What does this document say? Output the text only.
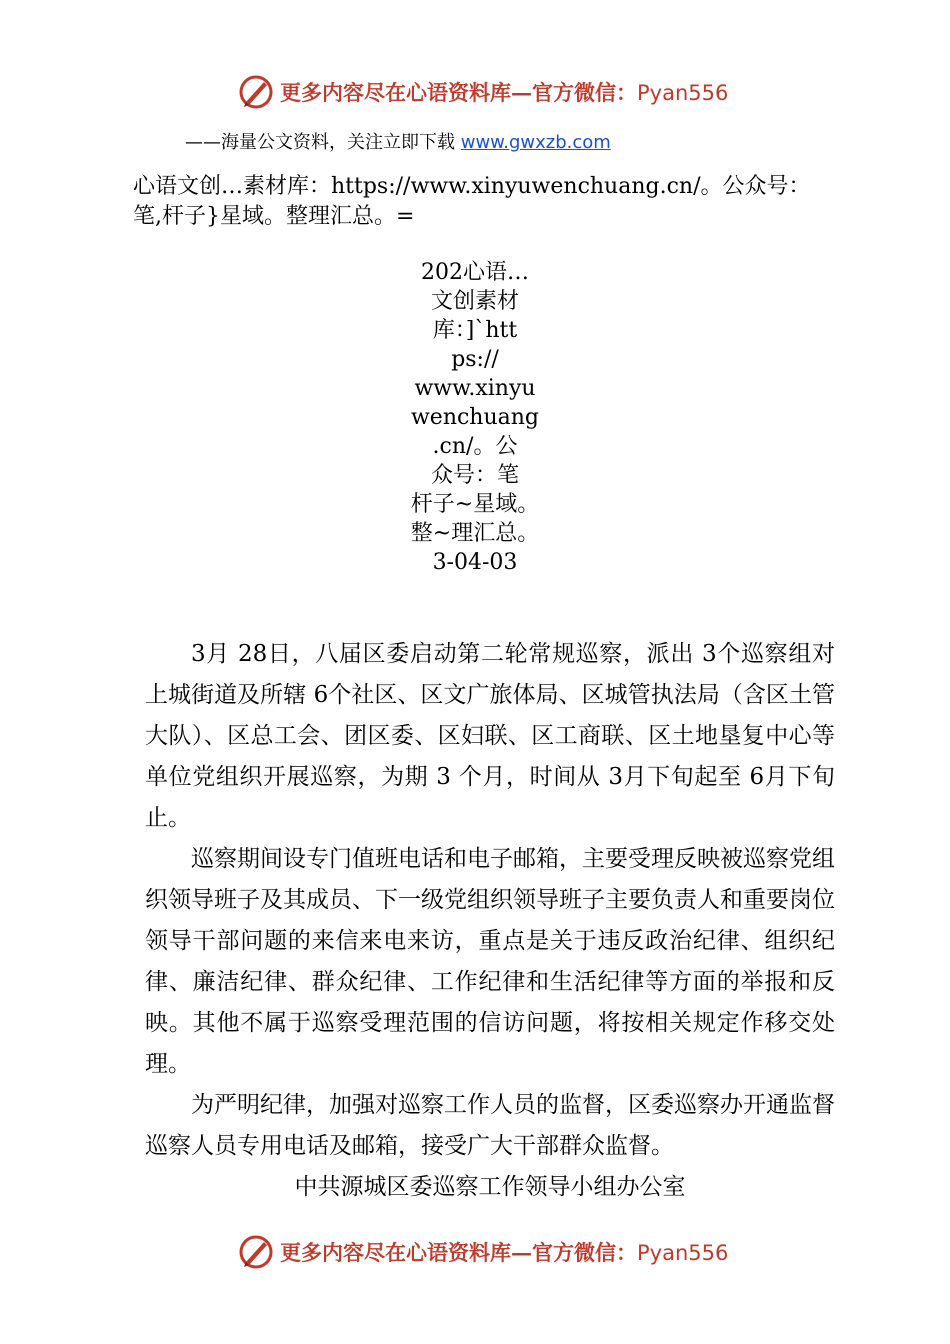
更多内容尽在心语资料库—官方微信：Pyan556
——海量公文资料，关注立即下载 www.gwxzb.com

心语文创…素材库：https://www.xinyuwenchuang.cn/。公众号：笔,杆子}星域。整理汇总。=

202心语…
文创素材
库：]`htt
ps://
www.xinyu
wenchuang
.cn/。公
众号：笔
杆子~星域。
整~理汇总。
3-04-03

3月 28日，八届区委启动第二轮常规巡察，派出 3个巡察组对上城街道及所辖 6个社区、区文广旅体局、区城管执法局（含区土管大队）、区总工会、团区委、区妇联、区工商联、区土地垦复中心等单位党组织开展巡察，为期 3 个月，时间从 3月下旬起至 6月下旬止。

巡察期间设专门值班电话和电子邮箱，主要受理反映被巡察党组织领导班子及其成员、下一级党组织领导班子主要负责人和重要岗位领导干部问题的来信来电来访，重点是关于违反政治纪律、组织纪律、廉洁纪律、群众纪律、工作纪律和生活纪律等方面的举报和反映。其他不属于巡察受理范围的信访问题，将按相关规定作移交处理。

为严明纪律，加强对巡察工作人员的监督，区委巡察办开通监督巡察人员专用电话及邮箱，接受广大干部群众监督。

中共源城区委巡察工作领导小组办公室

更多内容尽在心语资料库—官方微信：Pyan556
